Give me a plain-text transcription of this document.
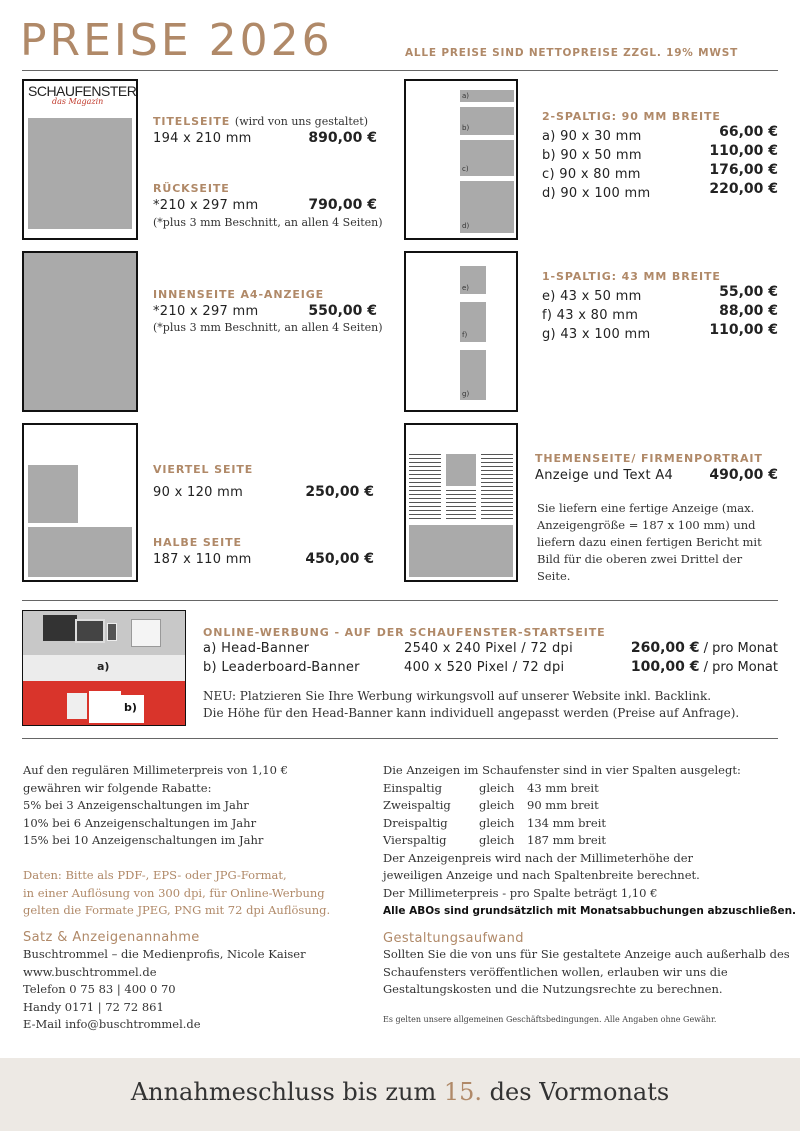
PREISE 2026	ALLE PREISE SIND NETTOPREISE ZZGL. 19% MWST
SCHAUFENSTER
das Magazin
TITELSEITE (wird von uns gestaltet)
194 x 210 mm	890,00 €
RÜCKSEITE
*210 x 297 mm	790,00 €
(*plus 3 mm Beschnitt, an allen 4 Seiten)
a)
b)
c)
d)
2-SPALTIG: 90 MM BREITE
a) 90 x 30 mm	66,00 €
b) 90 x 50 mm	110,00 €
c) 90 x 80 mm	176,00 €
d) 90 x 100 mm	220,00 €
INNENSEITE A4-ANZEIGE
*210 x 297 mm	550,00 €
(*plus 3 mm Beschnitt, an allen 4 Seiten)
e)
f)
g)
1-SPALTIG: 43 MM BREITE
e) 43 x 50 mm	55,00 €
f) 43 x 80 mm	88,00 €
g) 43 x 100 mm	110,00 €
VIERTEL SEITE
90 x 120 mm	250,00 €
HALBE SEITE
187 x 110 mm	450,00 €
THEMENSEITE/ FIRMENPORTRAIT
Anzeige und Text A4	490,00 €
Sie liefern eine fertige Anzeige (max. Anzeigengröße = 187 x 100 mm) und liefern dazu einen fertigen Bericht mit Bild für die oberen zwei Drittel der Seite.
a)
b)
ONLINE-WERBUNG - AUF DER SCHAUFENSTER-STARTSEITE
a) Head-Banner	2540 x 240 Pixel / 72 dpi	260,00 € / pro Monat
b) Leaderboard-Banner	400 x 520 Pixel / 72 dpi	100,00 € / pro Monat
NEU: Platzieren Sie Ihre Werbung wirkungsvoll auf unserer Website inkl. Backlink.
Die Höhe für den Head-Banner kann individuell angepasst werden (Preise auf Anfrage).
Auf den regulären Millimeterpreis von 1,10 €
gewähren wir folgende Rabatte:
5% bei 3 Anzeigenschaltungen im Jahr
10% bei 6 Anzeigenschaltungen im Jahr
15% bei 10 Anzeigenschaltungen im Jahr
Daten: Bitte als PDF-, EPS- oder JPG-Format,
in einer Auflösung von 300 dpi, für Online-Werbung
gelten die Formate JPEG, PNG mit 72 dpi Auflösung.
Satz & Anzeigenannahme
Buschtrommel – die Medienprofis, Nicole Kaiser
www.buschtrommel.de
Telefon 0 75 83 | 400 0 70
Handy 0171 | 72 72 861
E-Mail info@buschtrommel.de
Die Anzeigen im Schaufenster sind in vier Spalten ausgelegt:
Einspaltig	gleich	43 mm breit
Zweispaltig	gleich	90 mm breit
Dreispaltig	gleich	134 mm breit
Vierspaltig	gleich	187 mm breit
Der Anzeigenpreis wird nach der Millimeterhöhe der
jeweiligen Anzeige und nach Spaltenbreite berechnet.
Der Millimeterpreis - pro Spalte beträgt 1,10 €
Alle ABOs sind grundsätzlich mit Monatsabbuchungen abzuschließen.
Gestaltungsaufwand
Sollten Sie die von uns für Sie gestaltete Anzeige auch außerhalb des
Schaufensters veröffentlichen wollen, erlauben wir uns die
Gestaltungskosten und die Nutzungsrechte zu berechnen.
Es gelten unsere allgemeinen Geschäftsbedingungen. Alle Angaben ohne Gewähr.
Annahmeschluss bis zum 15. des Vormonats
